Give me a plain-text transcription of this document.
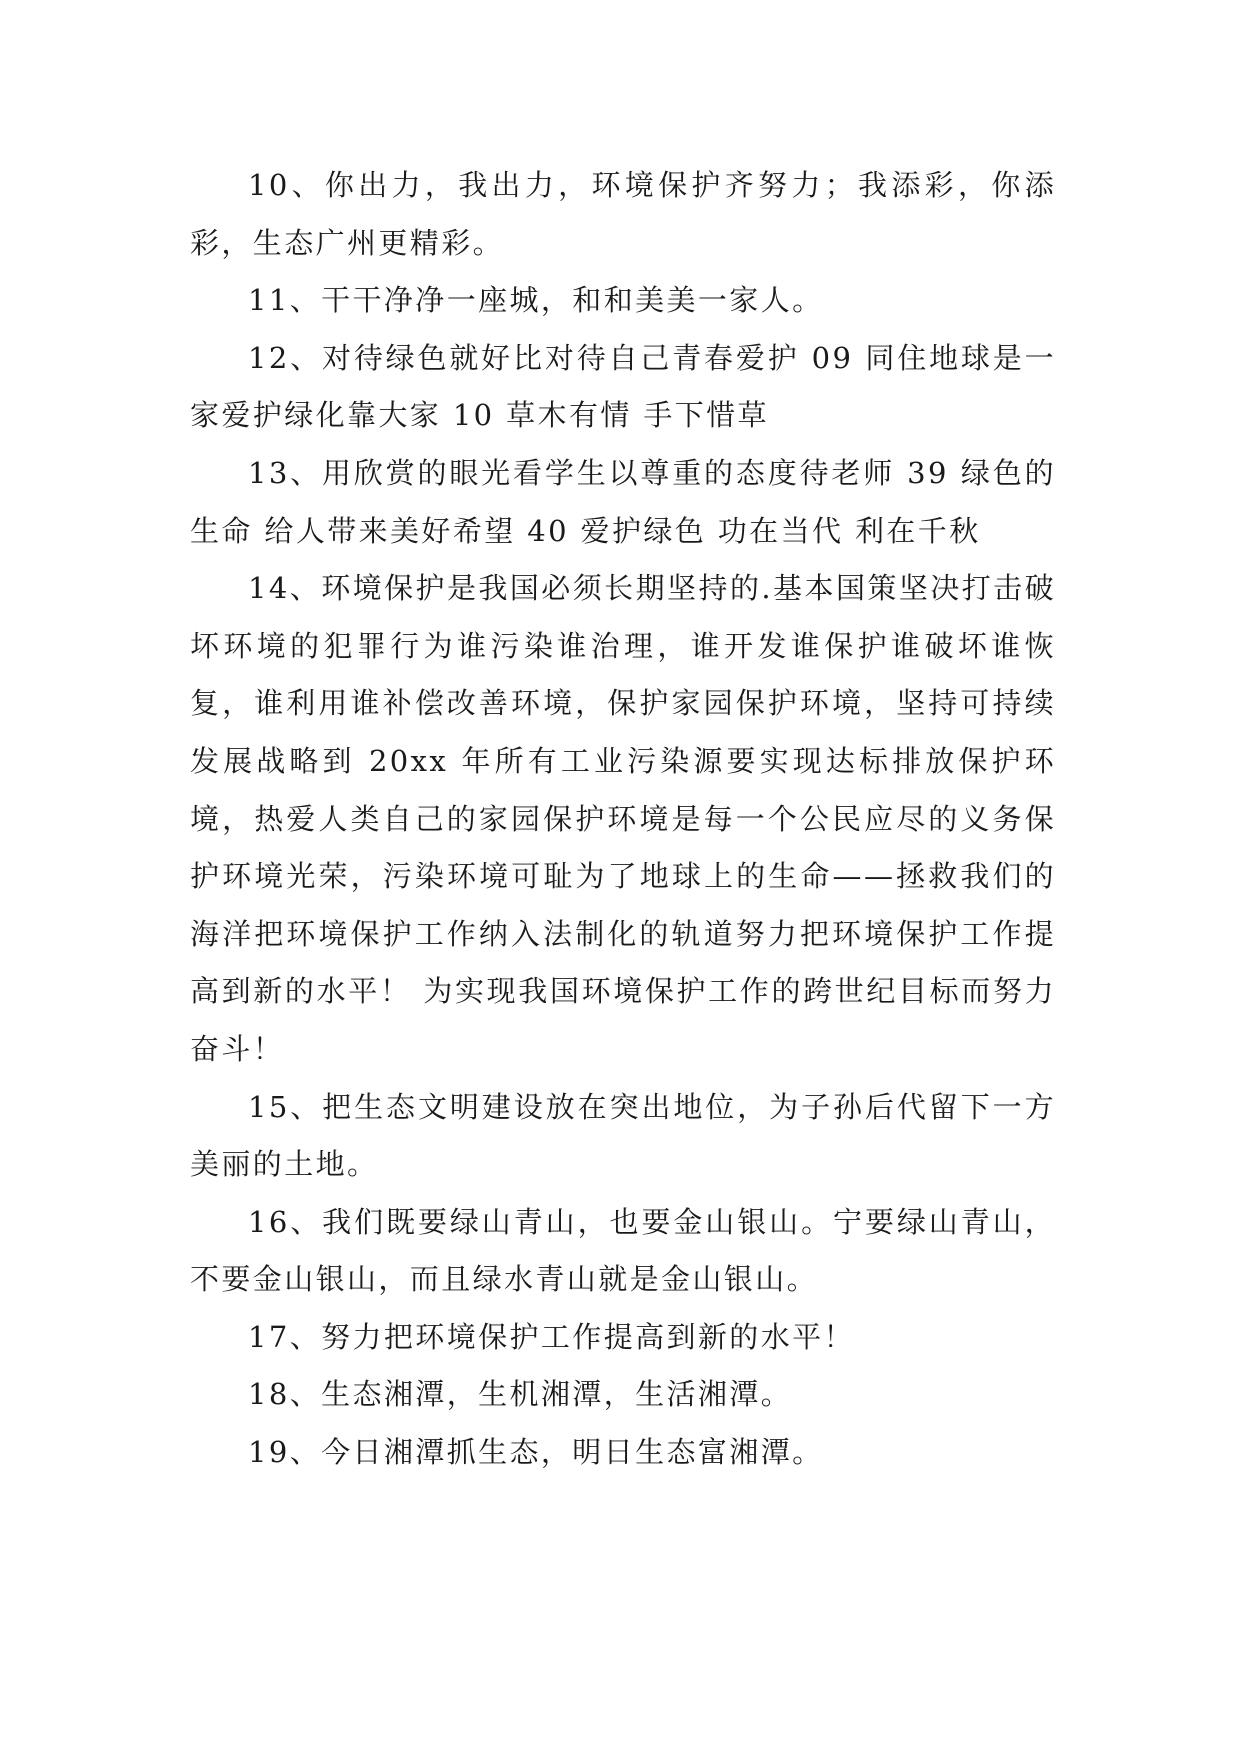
10、你出力，我出力，环境保护齐努力；我添彩，你添彩，生态广州更精彩。

11、干干净净一座城，和和美美一家人。

12、对待绿色就好比对待自己青春爱护 09 同住地球是一家爱护绿化靠大家 10 草木有情 手下惜草

13、用欣赏的眼光看学生以尊重的态度待老师 39 绿色的生命 给人带来美好希望 40 爱护绿色 功在当代 利在千秋

14、环境保护是我国必须长期坚持的.基本国策坚决打击破坏环境的犯罪行为谁污染谁治理，谁开发谁保护谁破坏谁恢复，谁利用谁补偿改善环境，保护家园保护环境，坚持可持续发展战略到 20xx 年所有工业污染源要实现达标排放保护环境，热爱人类自己的家园保护环境是每一个公民应尽的义务保护环境光荣，污染环境可耻为了地球上的生命——拯救我们的海洋把环境保护工作纳入法制化的轨道努力把环境保护工作提高到新的水平！ 为实现我国环境保护工作的跨世纪目标而努力奋斗！

15、把生态文明建设放在突出地位，为子孙后代留下一方美丽的土地。

16、我们既要绿山青山，也要金山银山。宁要绿山青山，不要金山银山，而且绿水青山就是金山银山。

17、努力把环境保护工作提高到新的水平！

18、生态湘潭，生机湘潭，生活湘潭。

19、今日湘潭抓生态，明日生态富湘潭。
